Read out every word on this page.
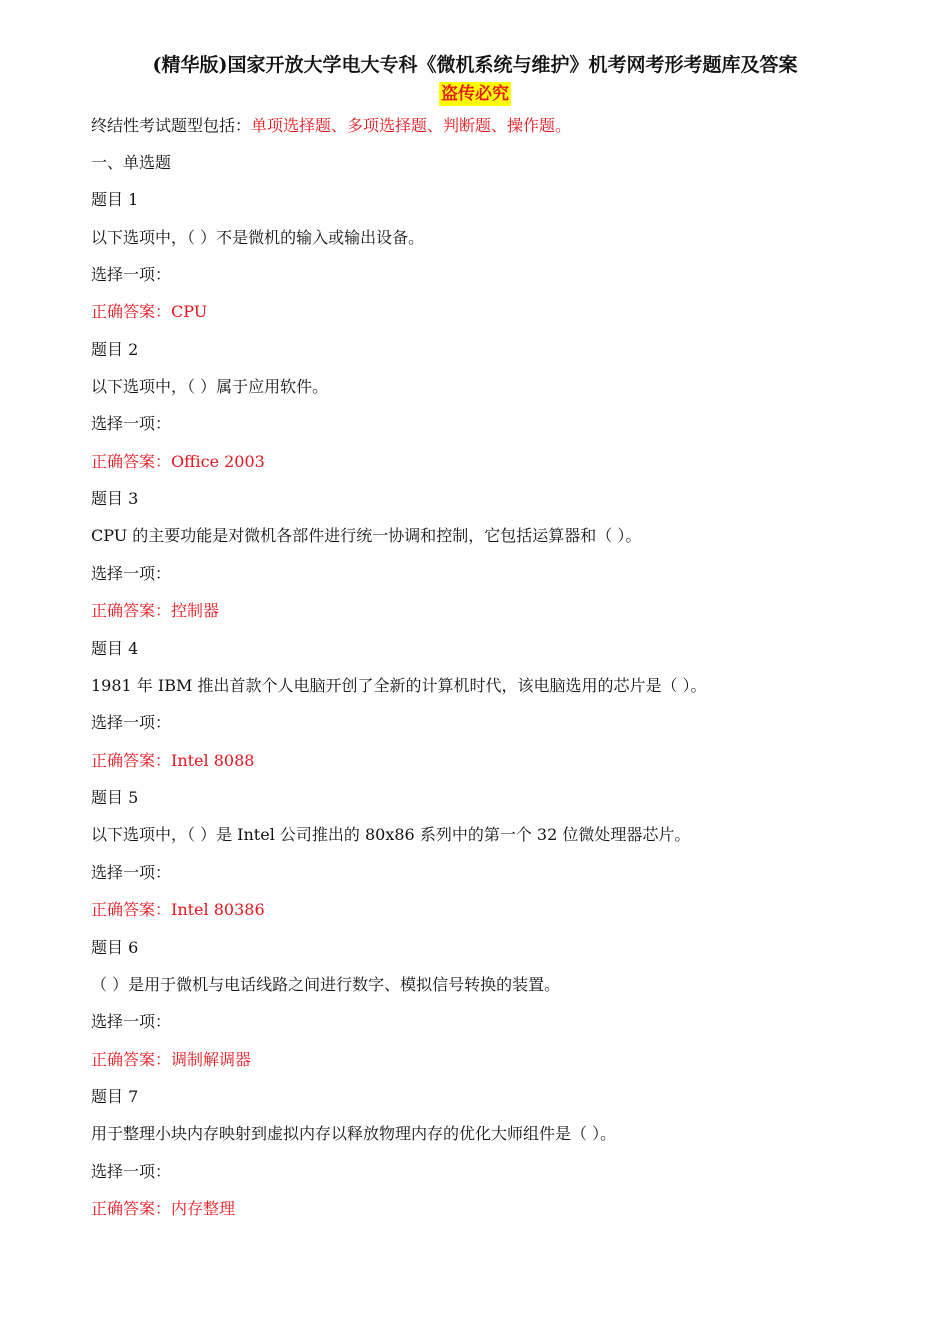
(精华版)国家开放大学电大专科《微机系统与维护》机考网考形考题库及答案
盗传必究
终结性考试题型包括：单项选择题、多项选择题、判断题、操作题。
一、单选题
题目 1
以下选项中，（ ）不是微机的输入或输出设备。
选择一项：
正确答案：CPU
题目 2
以下选项中，（ ）属于应用软件。
选择一项：
正确答案：Office 2003
题目 3
CPU 的主要功能是对微机各部件进行统一协调和控制，它包括运算器和（ ）。
选择一项：
正确答案：控制器
题目 4
1981 年 IBM 推出首款个人电脑开创了全新的计算机时代，该电脑选用的芯片是（ ）。
选择一项：
正确答案：Intel 8088
题目 5
以下选项中，（ ）是 Intel 公司推出的 80x86 系列中的第一个 32 位微处理器芯片。
选择一项：
正确答案：Intel 80386
题目 6
（ ）是用于微机与电话线路之间进行数字、模拟信号转换的装置。
选择一项：
正确答案：调制解调器
题目 7
用于整理小块内存映射到虚拟内存以释放物理内存的优化大师组件是（ ）。
选择一项：
正确答案：内存整理
